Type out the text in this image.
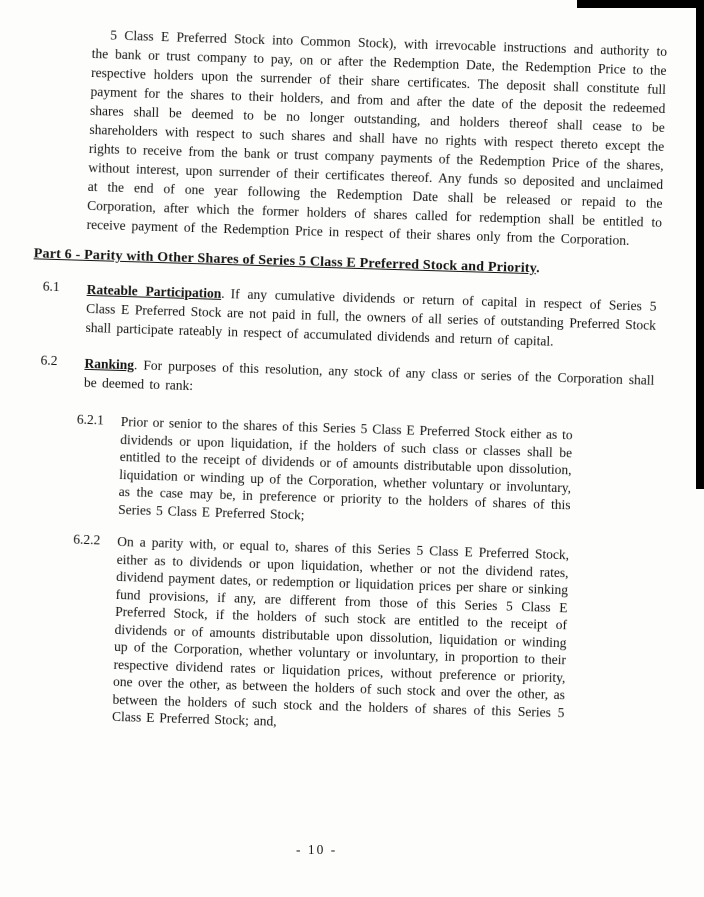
5 Class E Preferred Stock into Common Stock), with irrevocable instructions and authority to the bank or trust company to pay, on or after the Redemption Date, the Redemption Price to the respective holders upon the surrender of their share certificates. The deposit shall constitute full payment for the shares to their holders, and from and after the date of the deposit the redeemed shares shall be deemed to be no longer outstanding, and holders thereof shall cease to be shareholders with respect to such shares and shall have no rights with respect thereto except the rights to receive from the bank or trust company payments of the Redemption Price of the shares, without interest, upon surrender of their certificates thereof. Any funds so deposited and unclaimed at the end of one year following the Redemption Date shall be released or repaid to the Corporation, after which the former holders of shares called for redemption shall be entitled to receive payment of the Redemption Price in respect of their shares only from the Corporation.

Part 6 - Parity with Other Shares of Series 5 Class E Preferred Stock and Priority.
6.1 Rateable Participation. If any cumulative dividends or return of capital in respect of Series 5 Class E Preferred Stock are not paid in full, the owners of all series of outstanding Preferred Stock shall participate rateably in respect of accumulated dividends and return of capital.

6.2 Ranking. For purposes of this resolution, any stock of any class or series of the Corporation shall be deemed to rank:

6.2.1 Prior or senior to the shares of this Series 5 Class E Preferred Stock either as to dividends or upon liquidation, if the holders of such class or classes shall be entitled to the receipt of dividends or of amounts distributable upon dissolution, liquidation or winding up of the Corporation, whether voluntary or involuntary, as the case may be, in preference or priority to the holders of shares of this Series 5 Class E Preferred Stock;

6.2.2	On a parity with, or equal to, shares of this Series 5 Class E Preferred Stock, either as to dividends or upon liquidation, whether or not the dividend rates, dividend payment dates, or redemption or liquidation prices per share or sinking fund provisions, if any, are different from those of this Series 5 Class E Preferred Stock, if the holders of such stock are entitled to the receipt of dividends or of amounts distributable upon dissolution, liquidation or winding up of the Corporation, whether voluntary or involuntary, in proportion to their respective dividend rates or liquidation prices, without preference or priority, one over the other, as between the holders of such stock and over the other, as between the holders of such stock and the holders of shares of this Series 5 Class E Preferred Stock; and,

- 10 -
